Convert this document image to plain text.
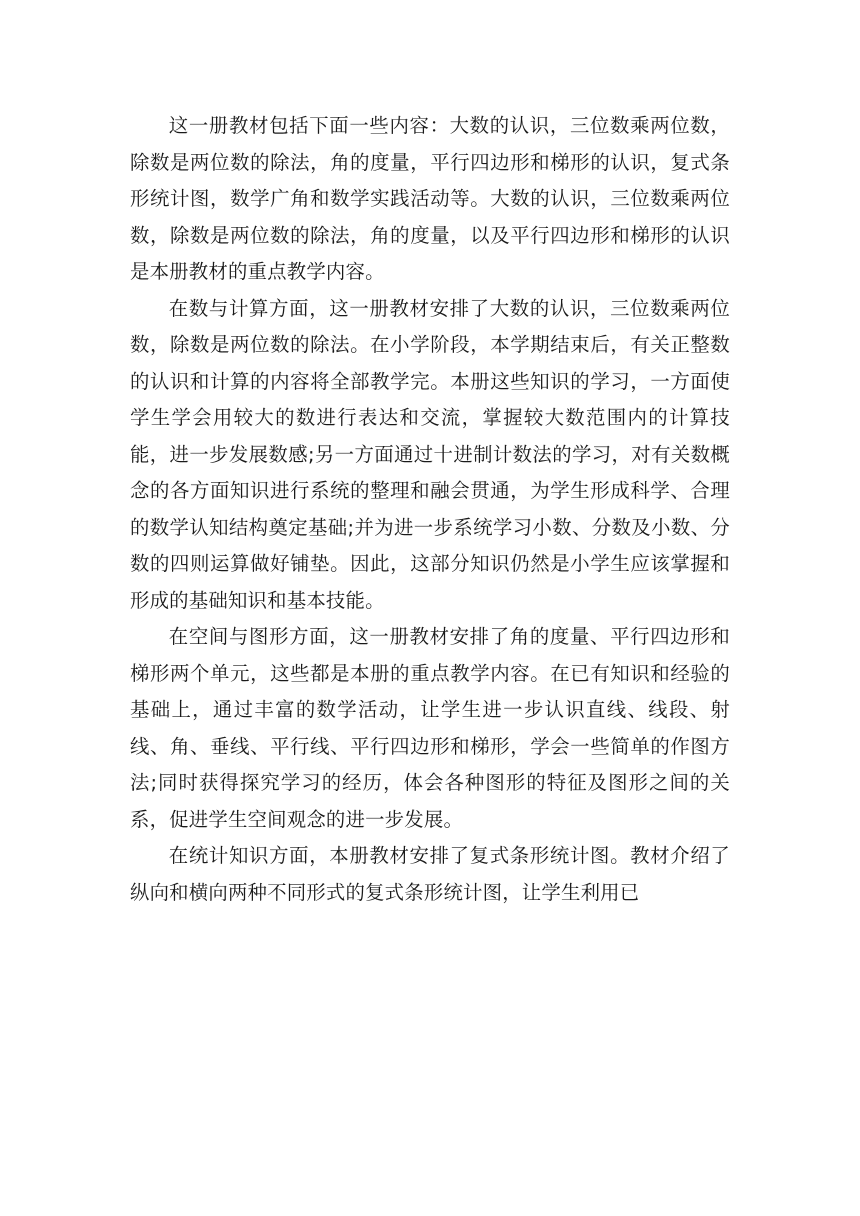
这一册教材包括下面一些内容：大数的认识，三位数乘两位数，除数是两位数的除法，角的度量，平行四边形和梯形的认识，复式条形统计图，数学广角和数学实践活动等。大数的认识，三位数乘两位数，除数是两位数的除法，角的度量，以及平行四边形和梯形的认识是本册教材的重点教学内容。

在数与计算方面，这一册教材安排了大数的认识，三位数乘两位数，除数是两位数的除法。在小学阶段，本学期结束后，有关正整数的认识和计算的内容将全部教学完。本册这些知识的学习，一方面使学生学会用较大的数进行表达和交流，掌握较大数范围内的计算技能，进一步发展数感;另一方面通过十进制计数法的学习，对有关数概念的各方面知识进行系统的整理和融会贯通，为学生形成科学、合理的数学认知结构奠定基础;并为进一步系统学习小数、分数及小数、分数的四则运算做好铺垫。因此，这部分知识仍然是小学生应该掌握和形成的基础知识和基本技能。

在空间与图形方面，这一册教材安排了角的度量、平行四边形和梯形两个单元，这些都是本册的重点教学内容。在已有知识和经验的基础上，通过丰富的数学活动，让学生进一步认识直线、线段、射线、角、垂线、平行线、平行四边形和梯形，学会一些简单的作图方法;同时获得探究学习的经历，体会各种图形的特征及图形之间的关系，促进学生空间观念的进一步发展。

在统计知识方面，本册教材安排了复式条形统计图。教材介绍了纵向和横向两种不同形式的复式条形统计图，让学生利用已
